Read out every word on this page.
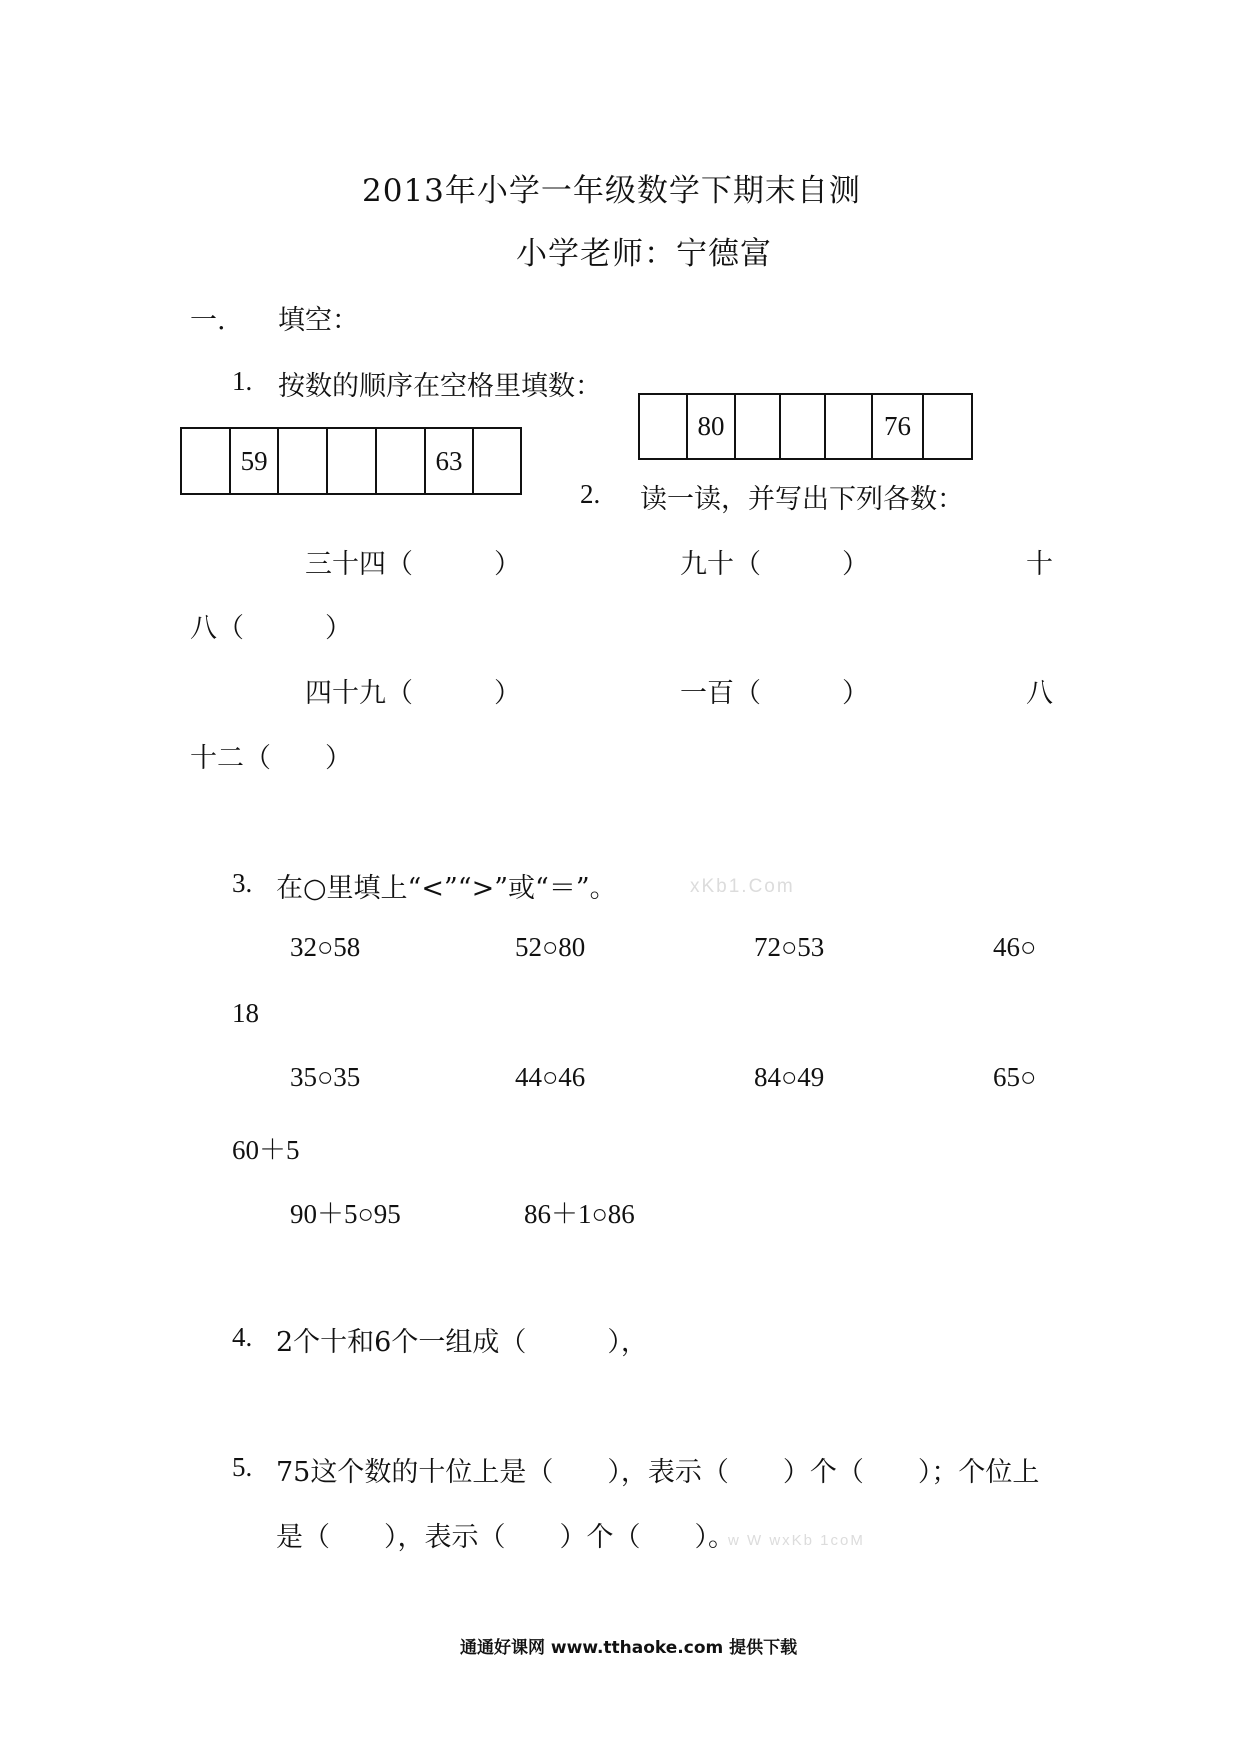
2013年小学一年级数学下期末自测
小学老师：宁德富
一. 填空：
1. 按数的顺序在空格里填数：
59	63
80	76
2. 读一读，并写出下列各数：
三十四（　　　）	九十（　　　）	十
八（　　　）
四十九（　　　）	一百（　　　）	八
十二（　　）
3. 在○里填上“<”“>”或“＝”。	xKb1.Com
32○58	52○80	72○53	46○
18
35○35	44○46	84○49	65○
60＋5
90＋5○95	86＋1○86
4. 2个十和6个一组成（　　　），
5. 75这个数的十位上是（　　），表示（　　）个（　　）；个位上
是（　　），表示（　　）个（　　）。
w W wxKb 1coM
通通好课网 www.tthaoke.com 提供下载
